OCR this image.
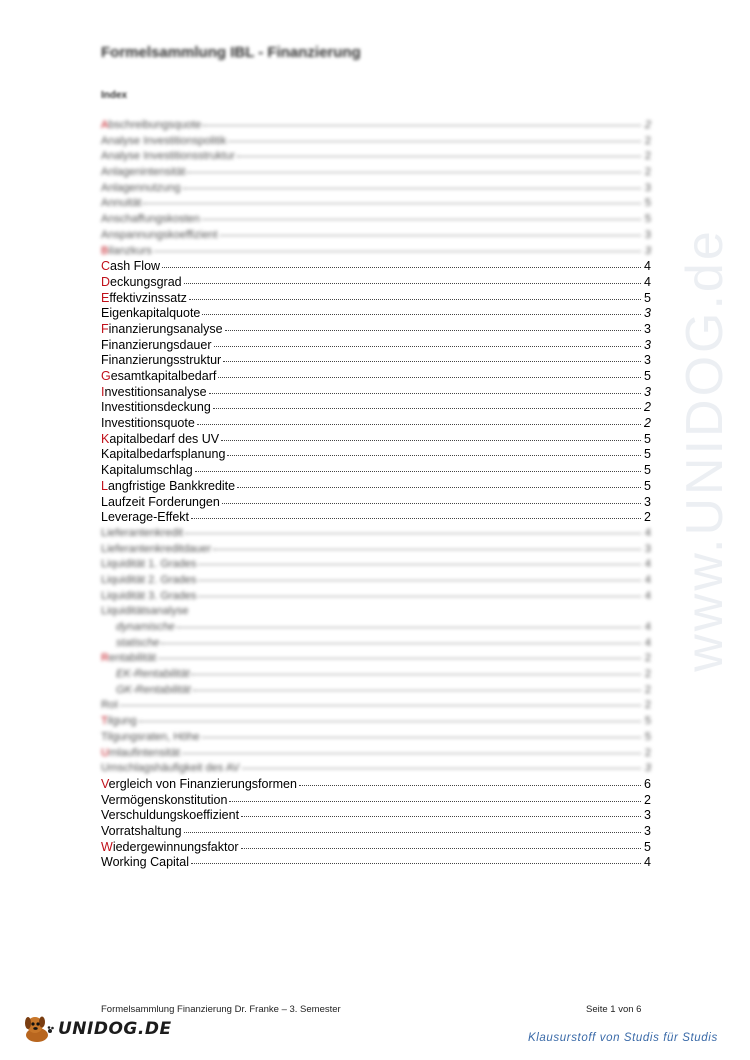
Formelsammlung IBL - Finanzierung
Index
Abschreibungsquote	2
Analyse Investitionspolitik	2
Analyse Investitionsstruktur	2
Anlagenintensität	2
Anlagennutzung	3
Annuität	5
Anschaffungskosten	5
Anspannungskoeffizient	3
Bilanzkurs	3
Cash Flow	4
Deckungsgrad	4
Effektivzinssatz	5
Eigenkapitalquote	3
Finanzierungsanalyse	3
Finanzierungsdauer	3
Finanzierungsstruktur	3
Gesamtkapitalbedarf	5
Investitionsanalyse	3
Investitionsdeckung	2
Investitionsquote	2
Kapitalbedarf des UV	5
Kapitalbedarfsplanung	5
Kapitalumschlag	5
Langfristige Bankkredite	5
Laufzeit Forderungen	3
Leverage-Effekt	2
Lieferantenkredit	4
Lieferantenkreditdauer	3
Liquidität 1. Grades	4
Liquidität 2. Grades	4
Liquidität 3. Grades	4
Liquiditätsanalyse
dynamische	4
statische	4
Rentabilität	2
EK-Rentabilität	2
GK-Rentabilität	2
RoI	2
Tilgung	5
Tilgungsraten, Höhe	5
Umlaufintensität	2
Umschlagshäufigkeit des AV	3
Vergleich von Finanzierungsformen	6
Vermögenskonstitution	2
Verschuldungskoeffizient	3
Vorratshaltung	3
Wiedergewinnungsfaktor	5
Working Capital	4
www.UNIDOG.de
Formelsammlung Finanzierung Dr. Franke – 3. Semester	Seite 1 von 6
UNIDOG.DE	Klausurstoff von Studis für Studis
